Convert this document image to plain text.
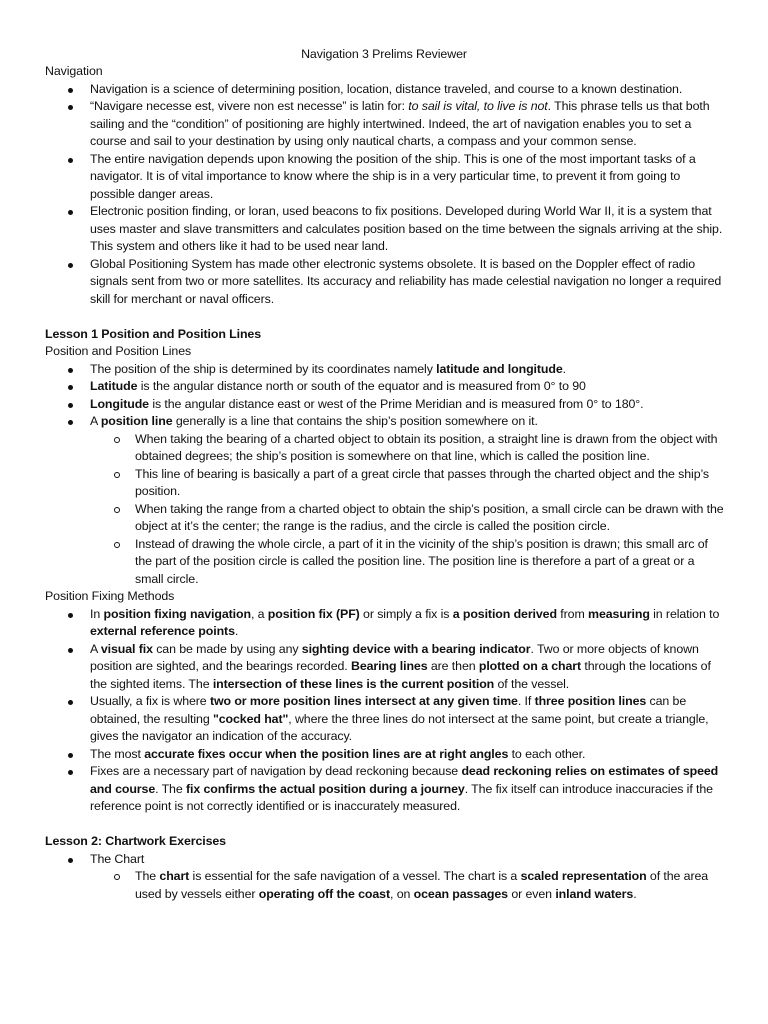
Navigation 3 Prelims Reviewer

Navigation

Navigation is a science of determining position, location, distance traveled, and course to a known destination.
“Navigare necesse est, vivere non est necesse” is latin for: to sail is vital, to live is not. This phrase tells us that both sailing and the “condition” of positioning are highly intertwined. Indeed, the art of navigation enables you to set a course and sail to your destination by using only nautical charts, a compass and your common sense.
The entire navigation depends upon knowing the position of the ship. This is one of the most important tasks of a navigator. It is of vital importance to know where the ship is in a very particular time, to prevent it from going to possible danger areas.
Electronic position finding, or loran, used beacons to fix positions. Developed during World War II, it is a system that uses master and slave transmitters and calculates position based on the time between the signals arriving at the ship. This system and others like it had to be used near land.
Global Positioning System has made other electronic systems obsolete. It is based on the Doppler effect of radio signals sent from two or more satellites. Its accuracy and reliability has made celestial navigation no longer a required skill for merchant or naval officers.

Lesson 1 Position and Position Lines

Position and Position Lines

The position of the ship is determined by its coordinates namely latitude and longitude.
Latitude is the angular distance north or south of the equator and is measured from 0° to 90
Longitude is the angular distance east or west of the Prime Meridian and is measured from 0° to 180°.
A position line generally is a line that contains the ship’s position somewhere on it.
When taking the bearing of a charted object to obtain its position, a straight line is drawn from the object with obtained degrees; the ship’s position is somewhere on that line, which is called the position line.
This line of bearing is basically a part of a great circle that passes through the charted object and the ship’s position.
When taking the range from a charted object to obtain the ship’s position, a small circle can be drawn with the object at it’s the center; the range is the radius, and the circle is called the position circle.
Instead of drawing the whole circle, a part of it in the vicinity of the ship’s position is drawn; this small arc of the part of the position circle is called the position line. The position line is therefore a part of a great or a small circle.

Position Fixing Methods

In position fixing navigation, a position fix (PF) or simply a fix is a position derived from measuring in relation to external reference points.
A visual fix can be made by using any sighting device with a bearing indicator. Two or more objects of known position are sighted, and the bearings recorded. Bearing lines are then plotted on a chart through the locations of the sighted items. The intersection of these lines is the current position of the vessel.
Usually, a fix is where two or more position lines intersect at any given time. If three position lines can be obtained, the resulting "cocked hat", where the three lines do not intersect at the same point, but create a triangle, gives the navigator an indication of the accuracy.
The most accurate fixes occur when the position lines are at right angles to each other.
Fixes are a necessary part of navigation by dead reckoning because dead reckoning relies on estimates of speed and course. The fix confirms the actual position during a journey. The fix itself can introduce inaccuracies if the reference point is not correctly identified or is inaccurately measured.

Lesson 2: Chartwork Exercises

The Chart
The chart is essential for the safe navigation of a vessel. The chart is a scaled representation of the area used by vessels either operating off the coast, on ocean passages or even inland waters.
